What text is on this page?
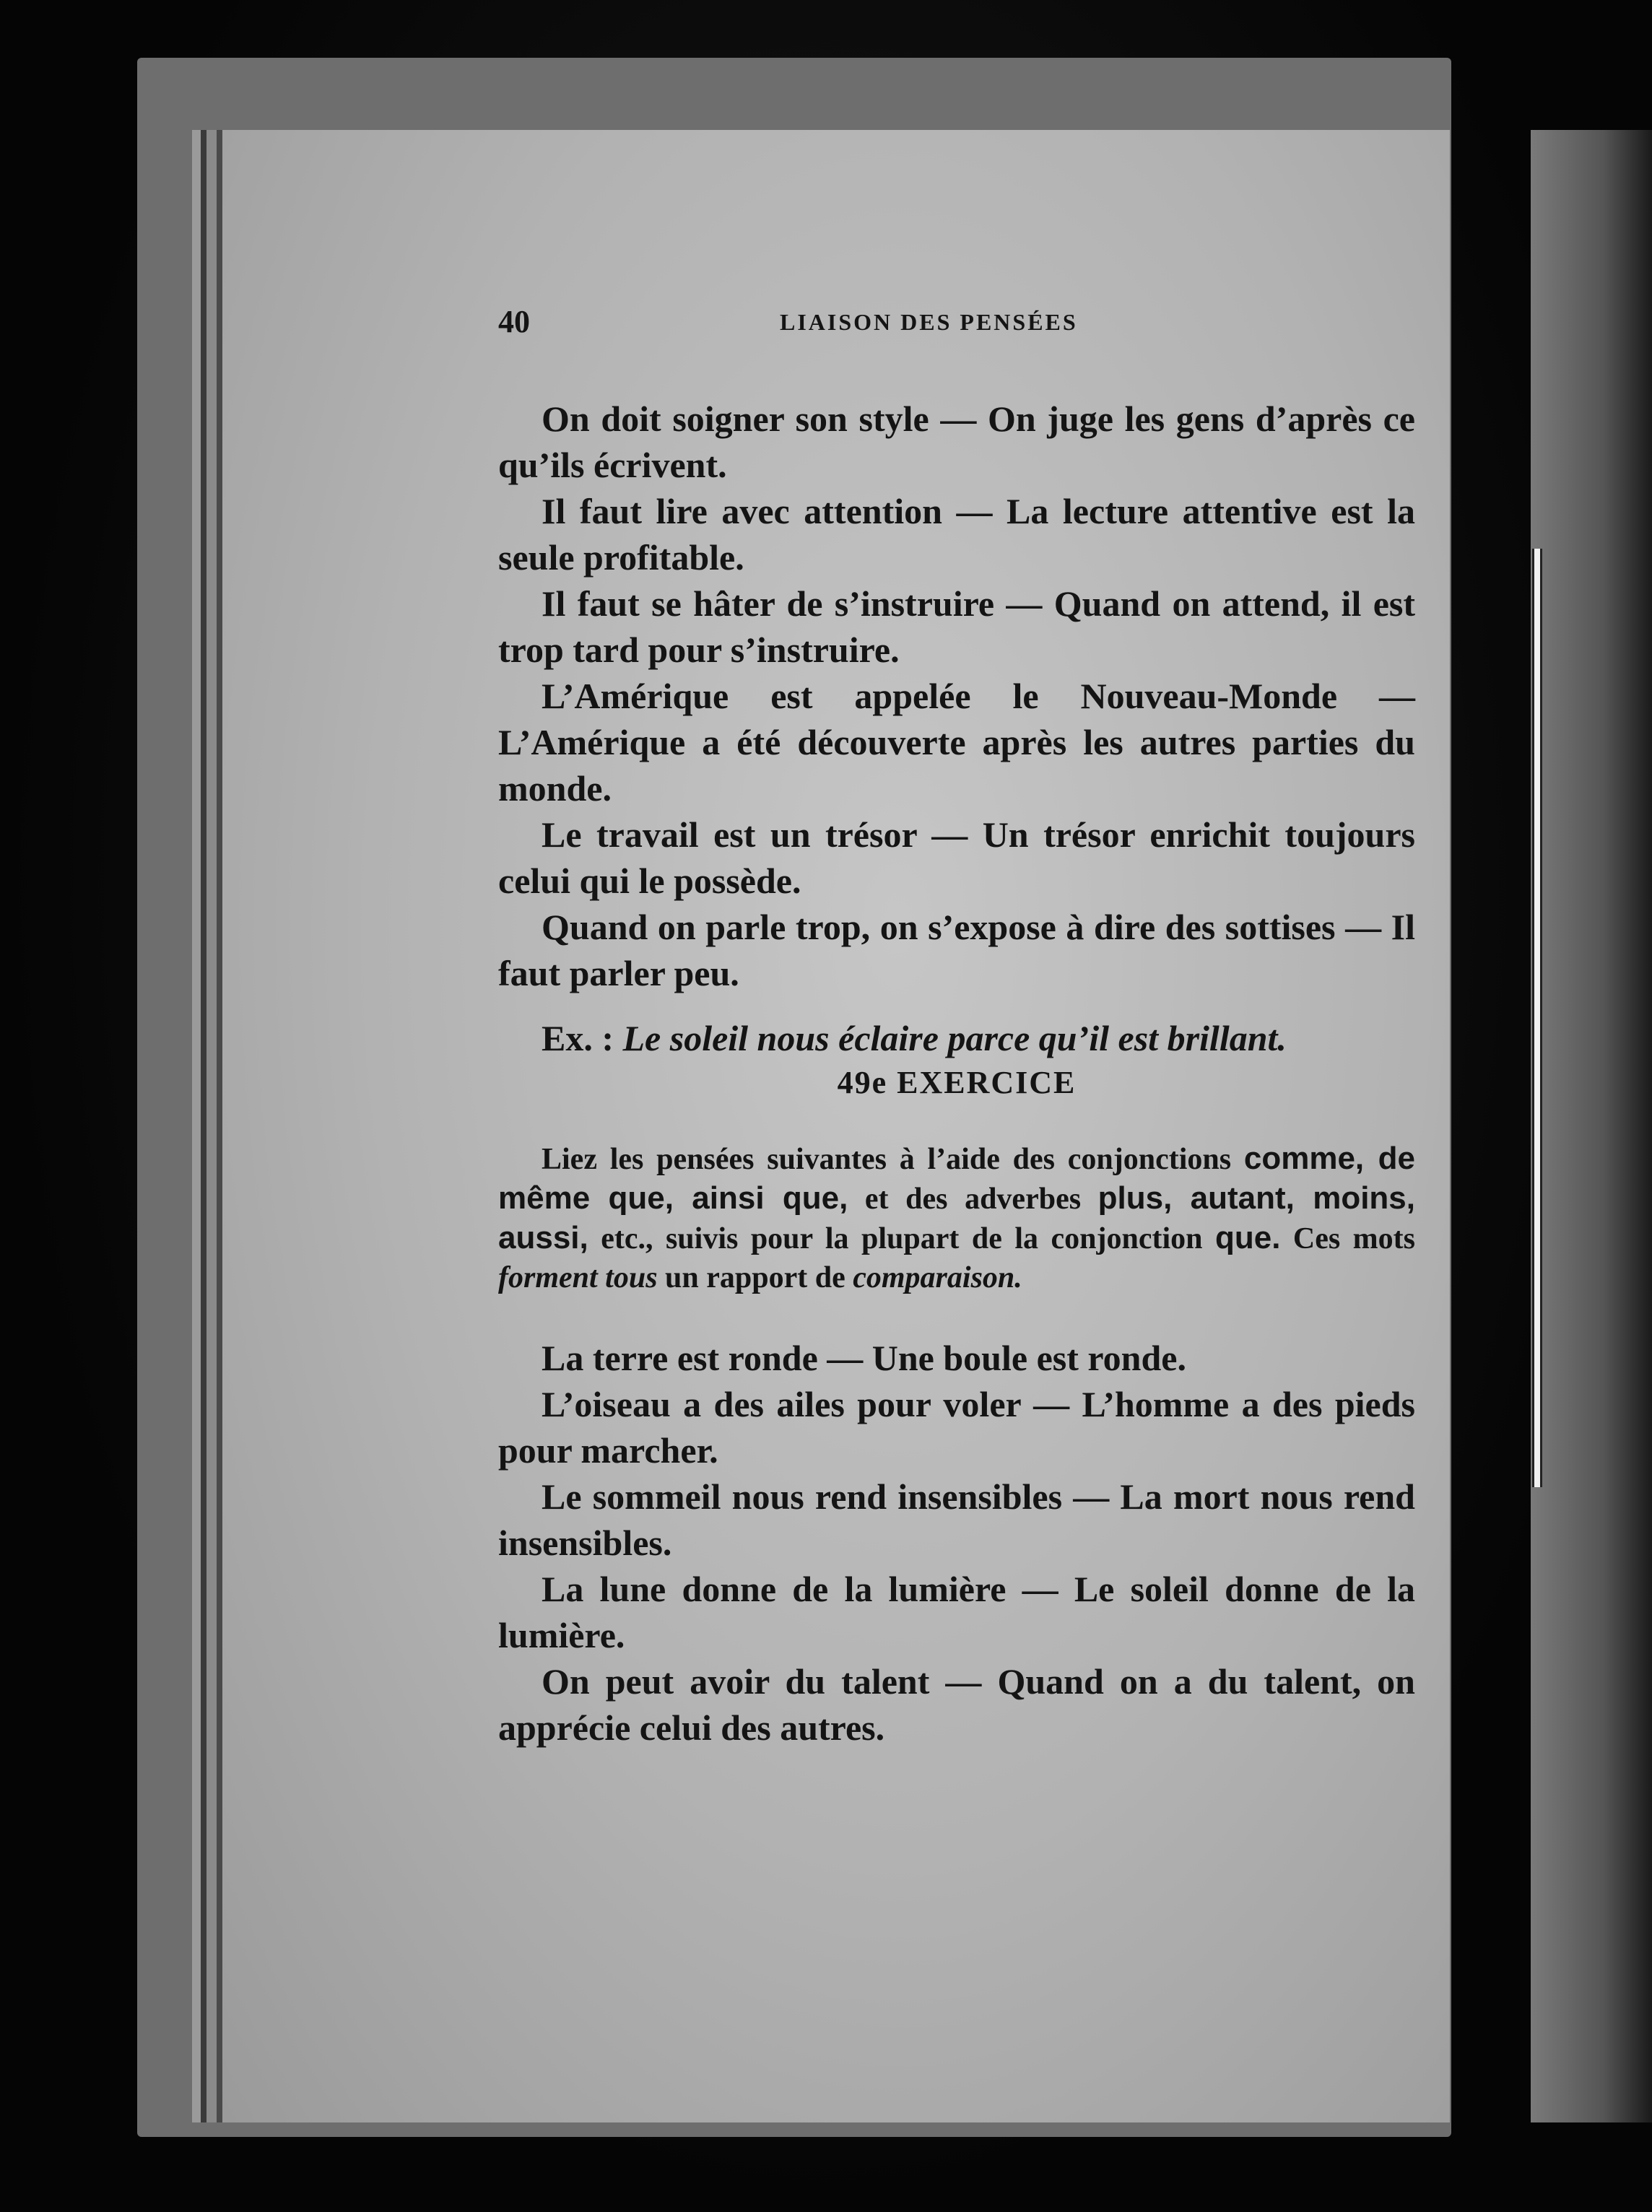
40	LIAISON DES PENSÉES

On doit soigner son style — On juge les gens d’après ce qu’ils écrivent.

Il faut lire avec attention — La lecture attentive est la seule profitable.

Il faut se hâter de s’instruire — Quand on attend, il est trop tard pour s’instruire.

L’Amérique est appelée le Nouveau-Monde — L’Amérique a été découverte après les autres parties du monde.

Le travail est un trésor — Un trésor enrichit toujours celui qui le possède.

Quand on parle trop, on s’expose à dire des sottises — Il faut parler peu.

Ex. : Le soleil nous éclaire parce qu’il est brillant.

49e EXERCICE

Liez les pensées suivantes à l’aide des conjonctions comme, de même que, ainsi que, et des adverbes plus, autant, moins, aussi, etc., suivis pour la plupart de la conjonction que. Ces mots forment tous un rapport de comparaison.

La terre est ronde — Une boule est ronde.

L’oiseau a des ailes pour voler — L’homme a des pieds pour marcher.

Le sommeil nous rend insensibles — La mort nous rend insensibles.

La lune donne de la lumière — Le soleil donne de la lumière.

On peut avoir du talent — Quand on a du talent, on apprécie celui des autres.
